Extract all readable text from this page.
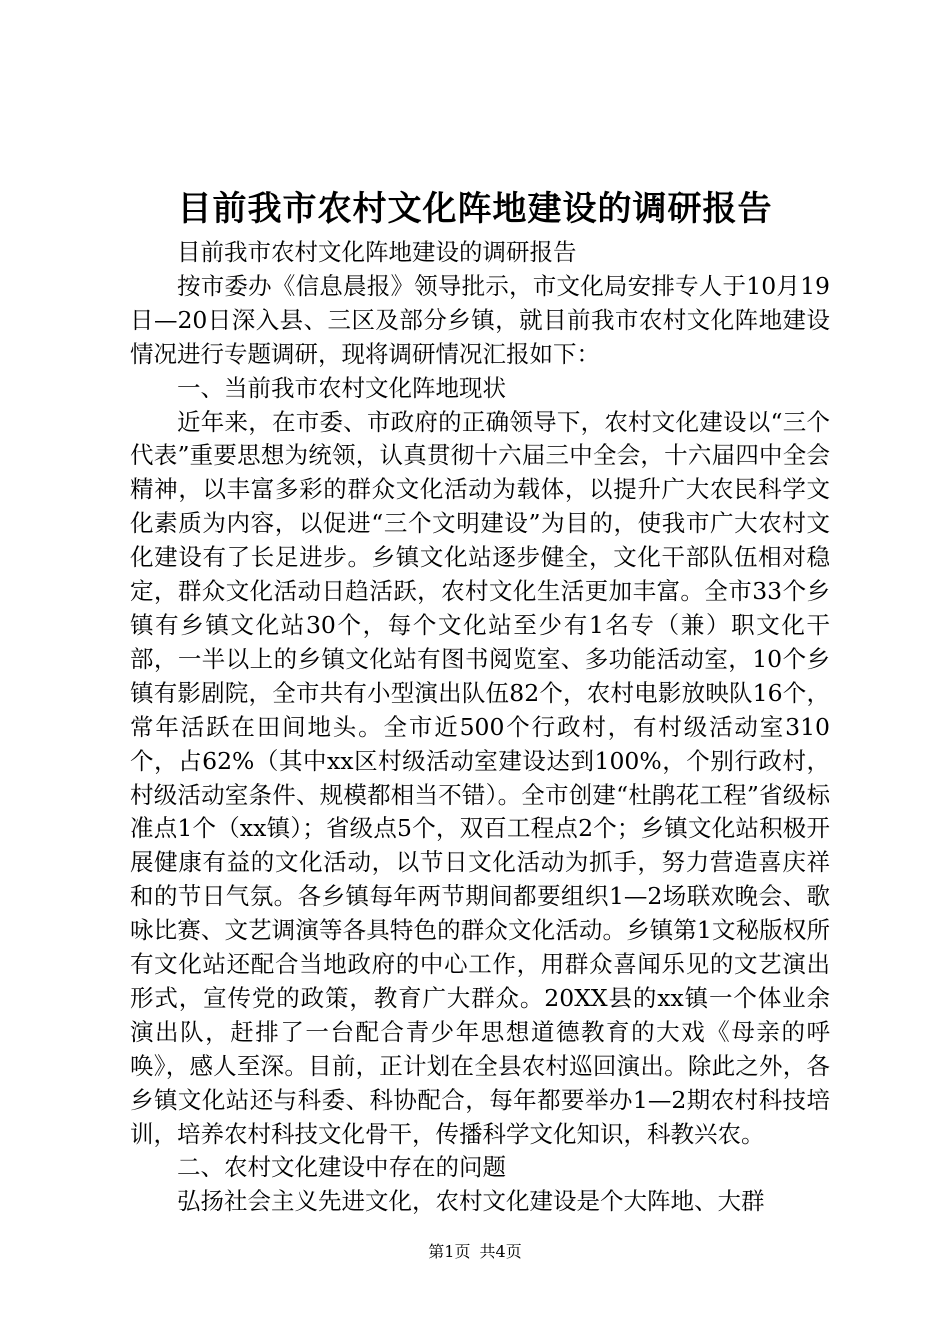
目前我市农村文化阵地建设的调研报告

目前我市农村文化阵地建设的调研报告

按市委办《信息晨报》领导批示，市文化局安排专人于10月19日—20日深入县、三区及部分乡镇，就目前我市农村文化阵地建设情况进行专题调研，现将调研情况汇报如下：

一、当前我市农村文化阵地现状

近年来，在市委、市政府的正确领导下，农村文化建设以“三个代表”重要思想为统领，认真贯彻十六届三中全会，十六届四中全会精神，以丰富多彩的群众文化活动为载体，以提升广大农民科学文化素质为内容，以促进“三个文明建设”为目的，使我市广大农村文化建设有了长足进步。乡镇文化站逐步健全，文化干部队伍相对稳定，群众文化活动日趋活跃，农村文化生活更加丰富。全市33个乡镇有乡镇文化站30个，每个文化站至少有1名专（兼）职文化干部，一半以上的乡镇文化站有图书阅览室、多功能活动室，10个乡镇有影剧院，全市共有小型演出队伍82个，农村电影放映队16个，常年活跃在田间地头。全市近500个行政村，有村级活动室310个，占62%（其中xx区村级活动室建设达到100%，个别行政村，村级活动室条件、规模都相当不错）。全市创建“杜鹃花工程”省级标准点1个（xx镇）；省级点5个，双百工程点2个；乡镇文化站积极开展健康有益的文化活动，以节日文化活动为抓手，努力营造喜庆祥和的节日气氛。各乡镇每年两节期间都要组织1—2场联欢晚会、歌咏比赛、文艺调演等各具特色的群众文化活动。乡镇第1文秘版权所有文化站还配合当地政府的中心工作，用群众喜闻乐见的文艺演出形式，宣传党的政策，教育广大群众。20XX县的xx镇一个体业余演出队，赶排了一台配合青少年思想道德教育的大戏《母亲的呼唤》，感人至深。目前，正计划在全县农村巡回演出。除此之外，各乡镇文化站还与科委、科协配合，每年都要举办1—2期农村科技培训，培养农村科技文化骨干，传播科学文化知识，科教兴农。

二、农村文化建设中存在的问题

弘扬社会主义先进文化，农村文化建设是个大阵地、大群

第1页 共4页
